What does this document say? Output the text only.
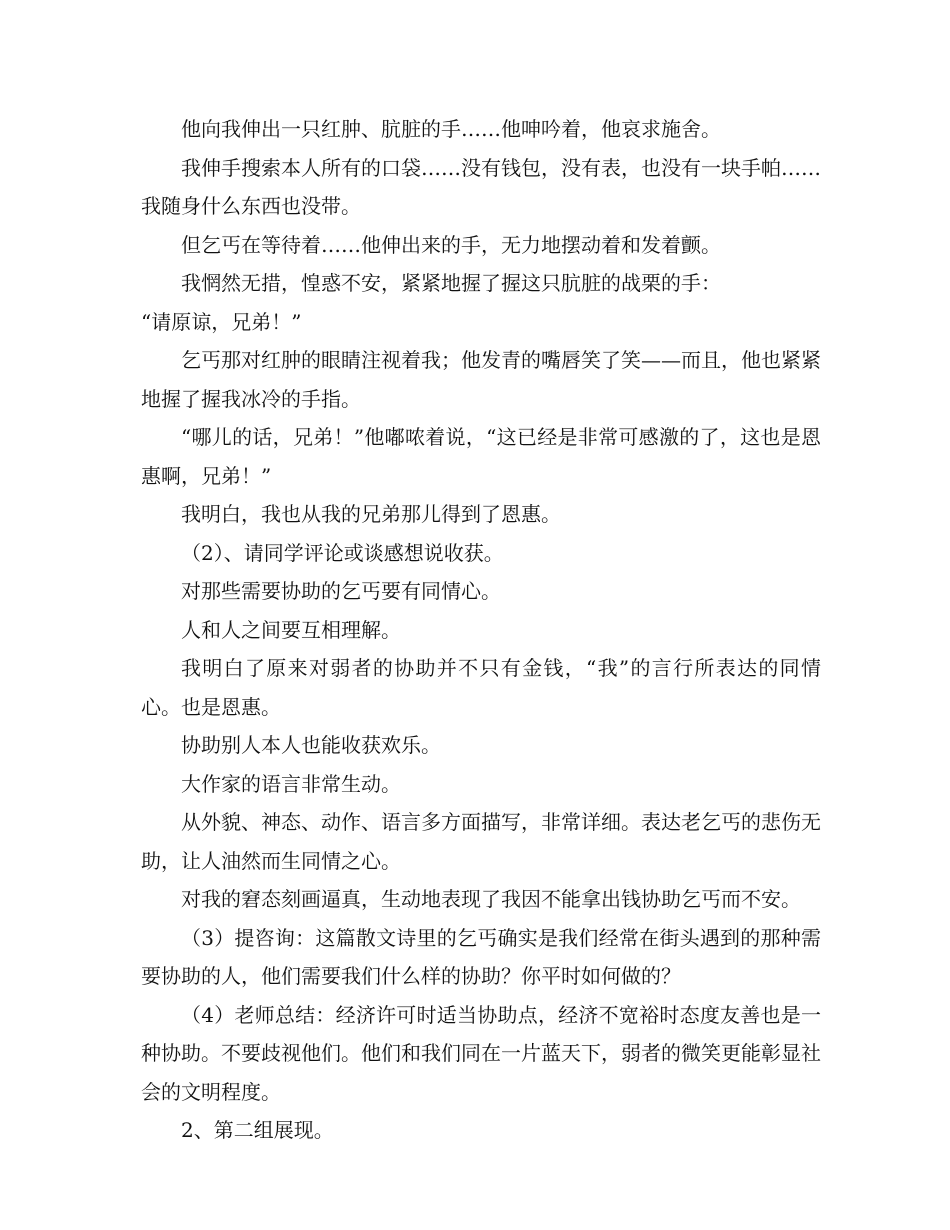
他向我伸出一只红肿、肮脏的手……他呻吟着，他哀求施舍。

我伸手搜索本人所有的口袋……没有钱包，没有表，也没有一块手帕……我随身什么东西也没带。

但乞丐在等待着……他伸出来的手，无力地摆动着和发着颤。

我惘然无措，惶惑不安，紧紧地握了握这只肮脏的战栗的手：

“请原谅，兄弟！”

乞丐那对红肿的眼睛注视着我；他发青的嘴唇笑了笑——而且，他也紧紧地握了握我冰冷的手指。

“哪儿的话，兄弟！”他嘟哝着说，“这已经是非常可感激的了，这也是恩惠啊，兄弟！”

我明白，我也从我的兄弟那儿得到了恩惠。

（2）、请同学评论或谈感想说收获。

对那些需要协助的乞丐要有同情心。

人和人之间要互相理解。

我明白了原来对弱者的协助并不只有金钱，“我”的言行所表达的同情心。也是恩惠。

协助别人本人也能收获欢乐。

大作家的语言非常生动。

从外貌、神态、动作、语言多方面描写，非常详细。表达老乞丐的悲伤无助，让人油然而生同情之心。

对我的窘态刻画逼真，生动地表现了我因不能拿出钱协助乞丐而不安。

（3）提咨询：这篇散文诗里的乞丐确实是我们经常在街头遇到的那种需要协助的人，他们需要我们什么样的协助？你平时如何做的？

（4）老师总结：经济许可时适当协助点，经济不宽裕时态度友善也是一种协助。不要歧视他们。他们和我们同在一片蓝天下，弱者的微笑更能彰显社会的文明程度。

2、第二组展现。
